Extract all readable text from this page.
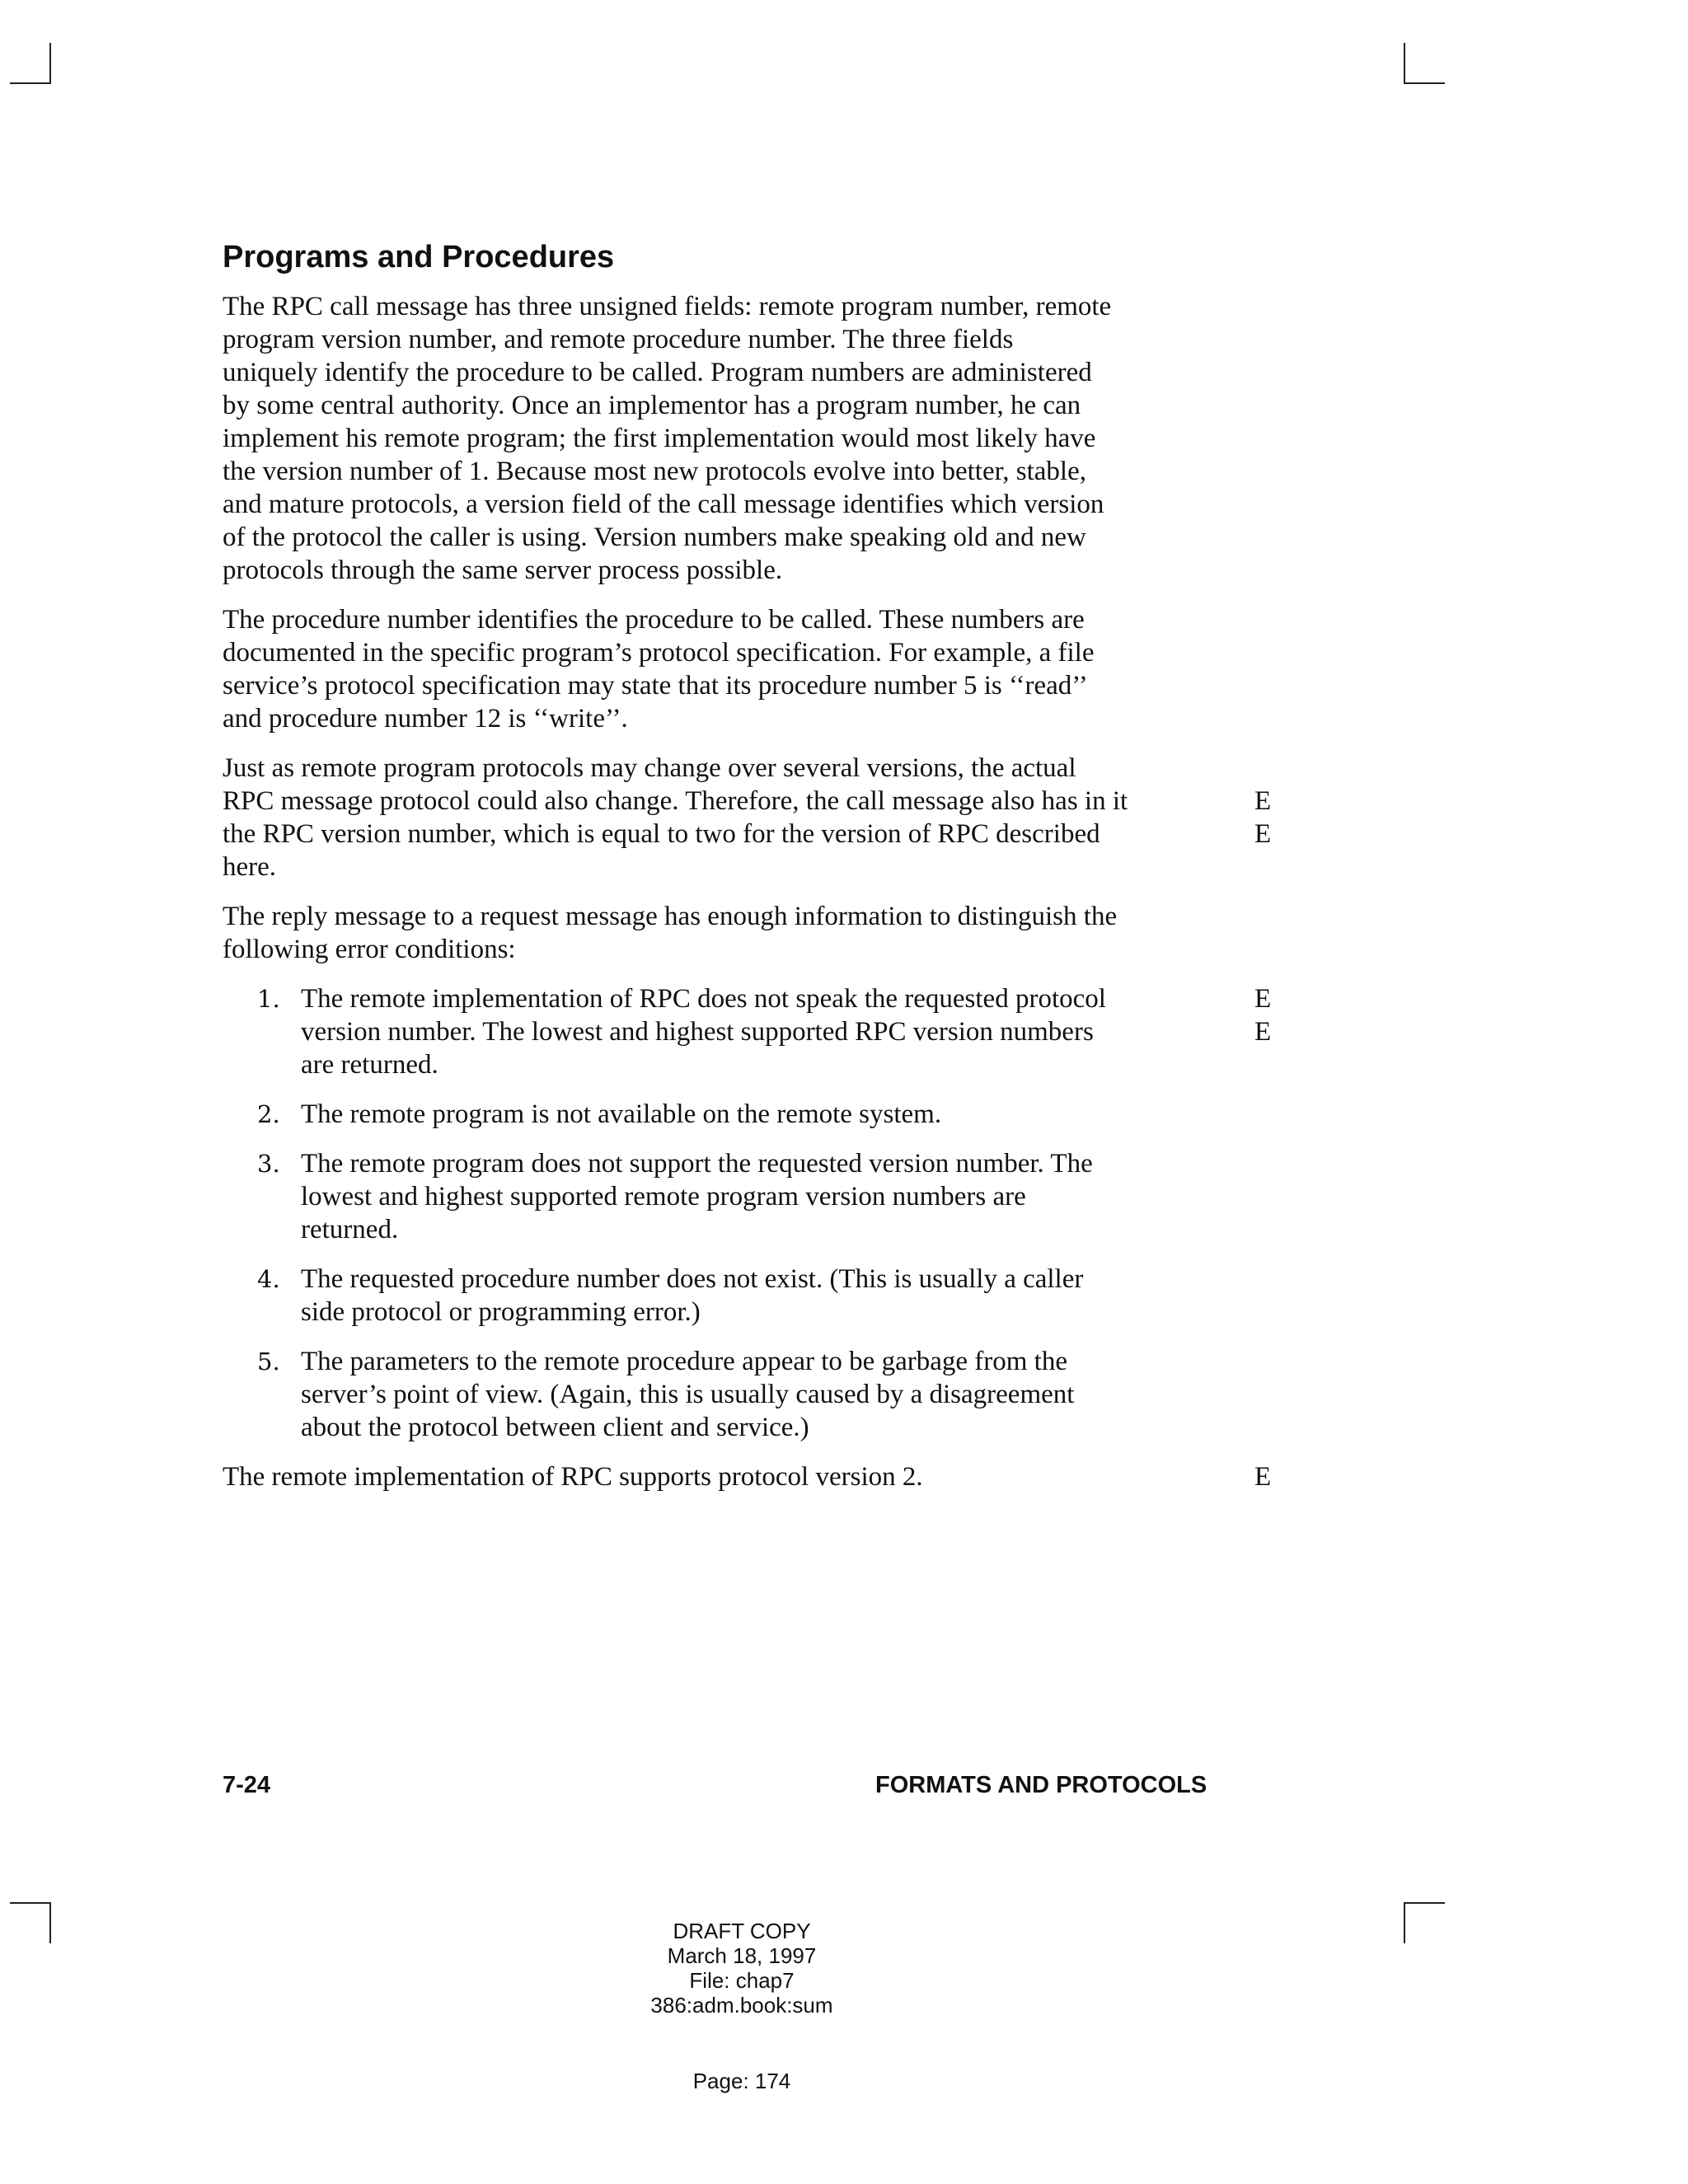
Programs and Procedures
The RPC call message has three unsigned fields: remote program number, remote
program version number, and remote procedure number. The three fields
uniquely identify the procedure to be called. Program numbers are administered
by some central authority. Once an implementor has a program number, he can
implement his remote program; the first implementation would most likely have
the version number of 1. Because most new protocols evolve into better, stable,
and mature protocols, a version field of the call message identifies which version
of the protocol the caller is using. Version numbers make speaking old and new
protocols through the same server process possible.
The procedure number identifies the procedure to be called. These numbers are
documented in the specific program’s protocol specification. For example, a file
service’s protocol specification may state that its procedure number 5 is ‘‘read’’
and procedure number 12 is ‘‘write’’.
Just as remote program protocols may change over several versions, the actual
RPC message protocol could also change. Therefore, the call message also has in it	E
the RPC version number, which is equal to two for the version of RPC described	E
here.
The reply message to a request message has enough information to distinguish the
following error conditions:
1. The remote implementation of RPC does not speak the requested protocol	E
version number. The lowest and highest supported RPC version numbers	E
are returned.
2. The remote program is not available on the remote system.
3. The remote program does not support the requested version number. The
lowest and highest supported remote program version numbers are
returned.
4. The requested procedure number does not exist. (This is usually a caller
side protocol or programming error.)
5. The parameters to the remote procedure appear to be garbage from the
server’s point of view. (Again, this is usually caused by a disagreement
about the protocol between client and service.)
The remote implementation of RPC supports protocol version 2.	E
7-24	FORMATS AND PROTOCOLS
DRAFT COPY
March 18, 1997
File: chap7
386:adm.book:sum
Page: 174
